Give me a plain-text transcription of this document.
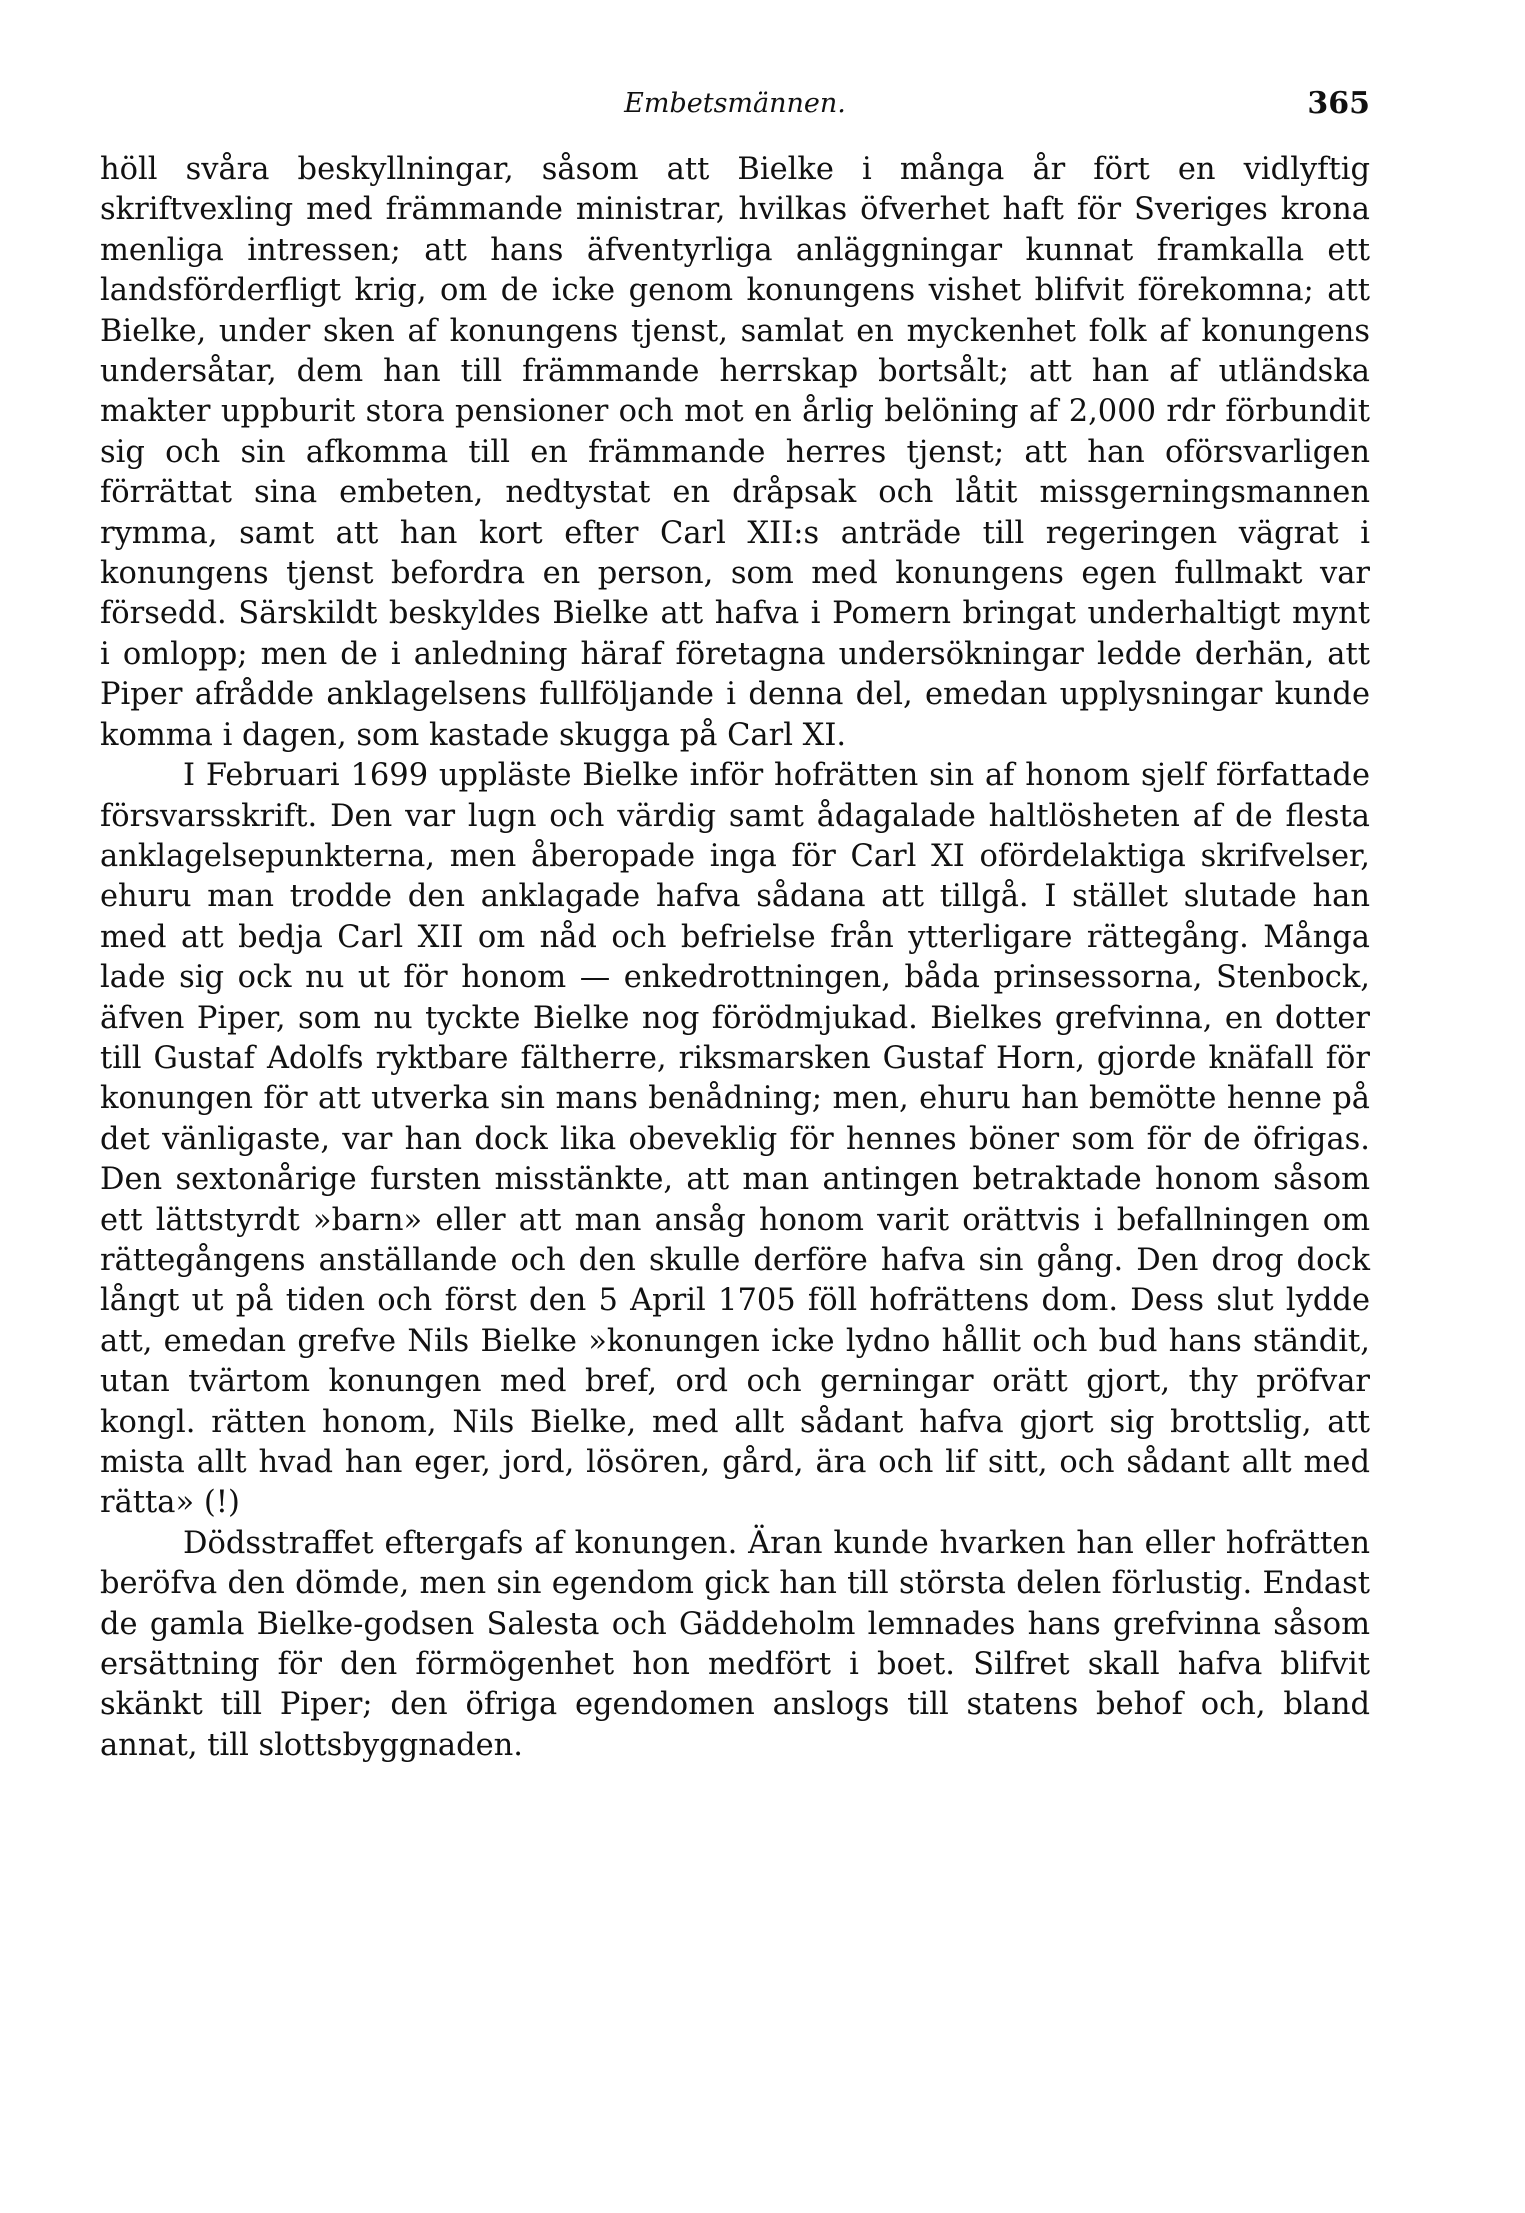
Embetsmännen.	365

höll svåra beskyllningar, såsom att Bielke i många år fört en vidlyftig skriftvexling med främmande ministrar, hvilkas öfverhet haft för Sveriges krona menliga intressen; att hans äfventyrliga anläggningar kunnat framkalla ett landsförderfligt krig, om de icke genom konungens vishet blifvit förekomna; att Bielke, under sken af konungens tjenst, samlat en myckenhet folk af konungens undersåtar, dem han till främmande herrskap bortsålt; att han af utländska makter uppburit stora pensioner och mot en årlig belöning af 2,000 rdr förbundit sig och sin afkomma till en främmande herres tjenst; att han oförsvarligen förrättat sina embeten, nedtystat en dråpsak och låtit missgerningsmannen rymma, samt att han kort efter Carl XII:s anträde till regeringen vägrat i konungens tjenst befordra en person, som med konungens egen fullmakt var försedd. Särskildt beskyldes Bielke att hafva i Pomern bringat underhaltigt mynt i omlopp; men de i anledning häraf företagna undersökningar ledde derhän, att Piper afrådde anklagelsens fullföljande i denna del, emedan upplysningar kunde komma i dagen, som kastade skugga på Carl XI.

I Februari 1699 uppläste Bielke inför hofrätten sin af honom sjelf författade försvarsskrift. Den var lugn och värdig samt ådagalade haltlösheten af de flesta anklagelsepunkterna, men åberopade inga för Carl XI ofördelaktiga skrifvelser, ehuru man trodde den anklagade hafva sådana att tillgå. I stället slutade han med att bedja Carl XII om nåd och befrielse från ytterligare rättegång. Många lade sig ock nu ut för honom — enkedrottningen, båda prinsessorna, Stenbock, äfven Piper, som nu tyckte Bielke nog förödmjukad. Bielkes grefvinna, en dotter till Gustaf Adolfs ryktbare fältherre, riksmarsken Gustaf Horn, gjorde knäfall för konungen för att utverka sin mans benådning; men, ehuru han bemötte henne på det vänligaste, var han dock lika obeveklig för hennes böner som för de öfrigas. Den sextonårige fursten misstänkte, att man antingen betraktade honom såsom ett lättstyrdt »barn» eller att man ansåg honom varit orättvis i befallningen om rättegångens anställande och den skulle derföre hafva sin gång. Den drog dock långt ut på tiden och först den 5 April 1705 föll hofrättens dom. Dess slut lydde att, emedan grefve Nils Bielke »konungen icke lydno hållit och bud hans ständit, utan tvärtom konungen med bref, ord och gerningar orätt gjort, thy pröfvar kongl. rätten honom, Nils Bielke, med allt sådant hafva gjort sig brottslig, att mista allt hvad han eger, jord, lösören, gård, ära och lif sitt, och sådant allt med rätta» (!)

Dödsstraffet eftergafs af konungen. Äran kunde hvarken han eller hofrätten beröfva den dömde, men sin egendom gick han till största delen förlustig. Endast de gamla Bielke-godsen Salesta och Gäddeholm lemnades hans grefvinna såsom ersättning för den förmögenhet hon medfört i boet. Silfret skall hafva blifvit skänkt till Piper; den öfriga egendomen anslogs till statens behof och, bland annat, till slottsbyggnaden.
